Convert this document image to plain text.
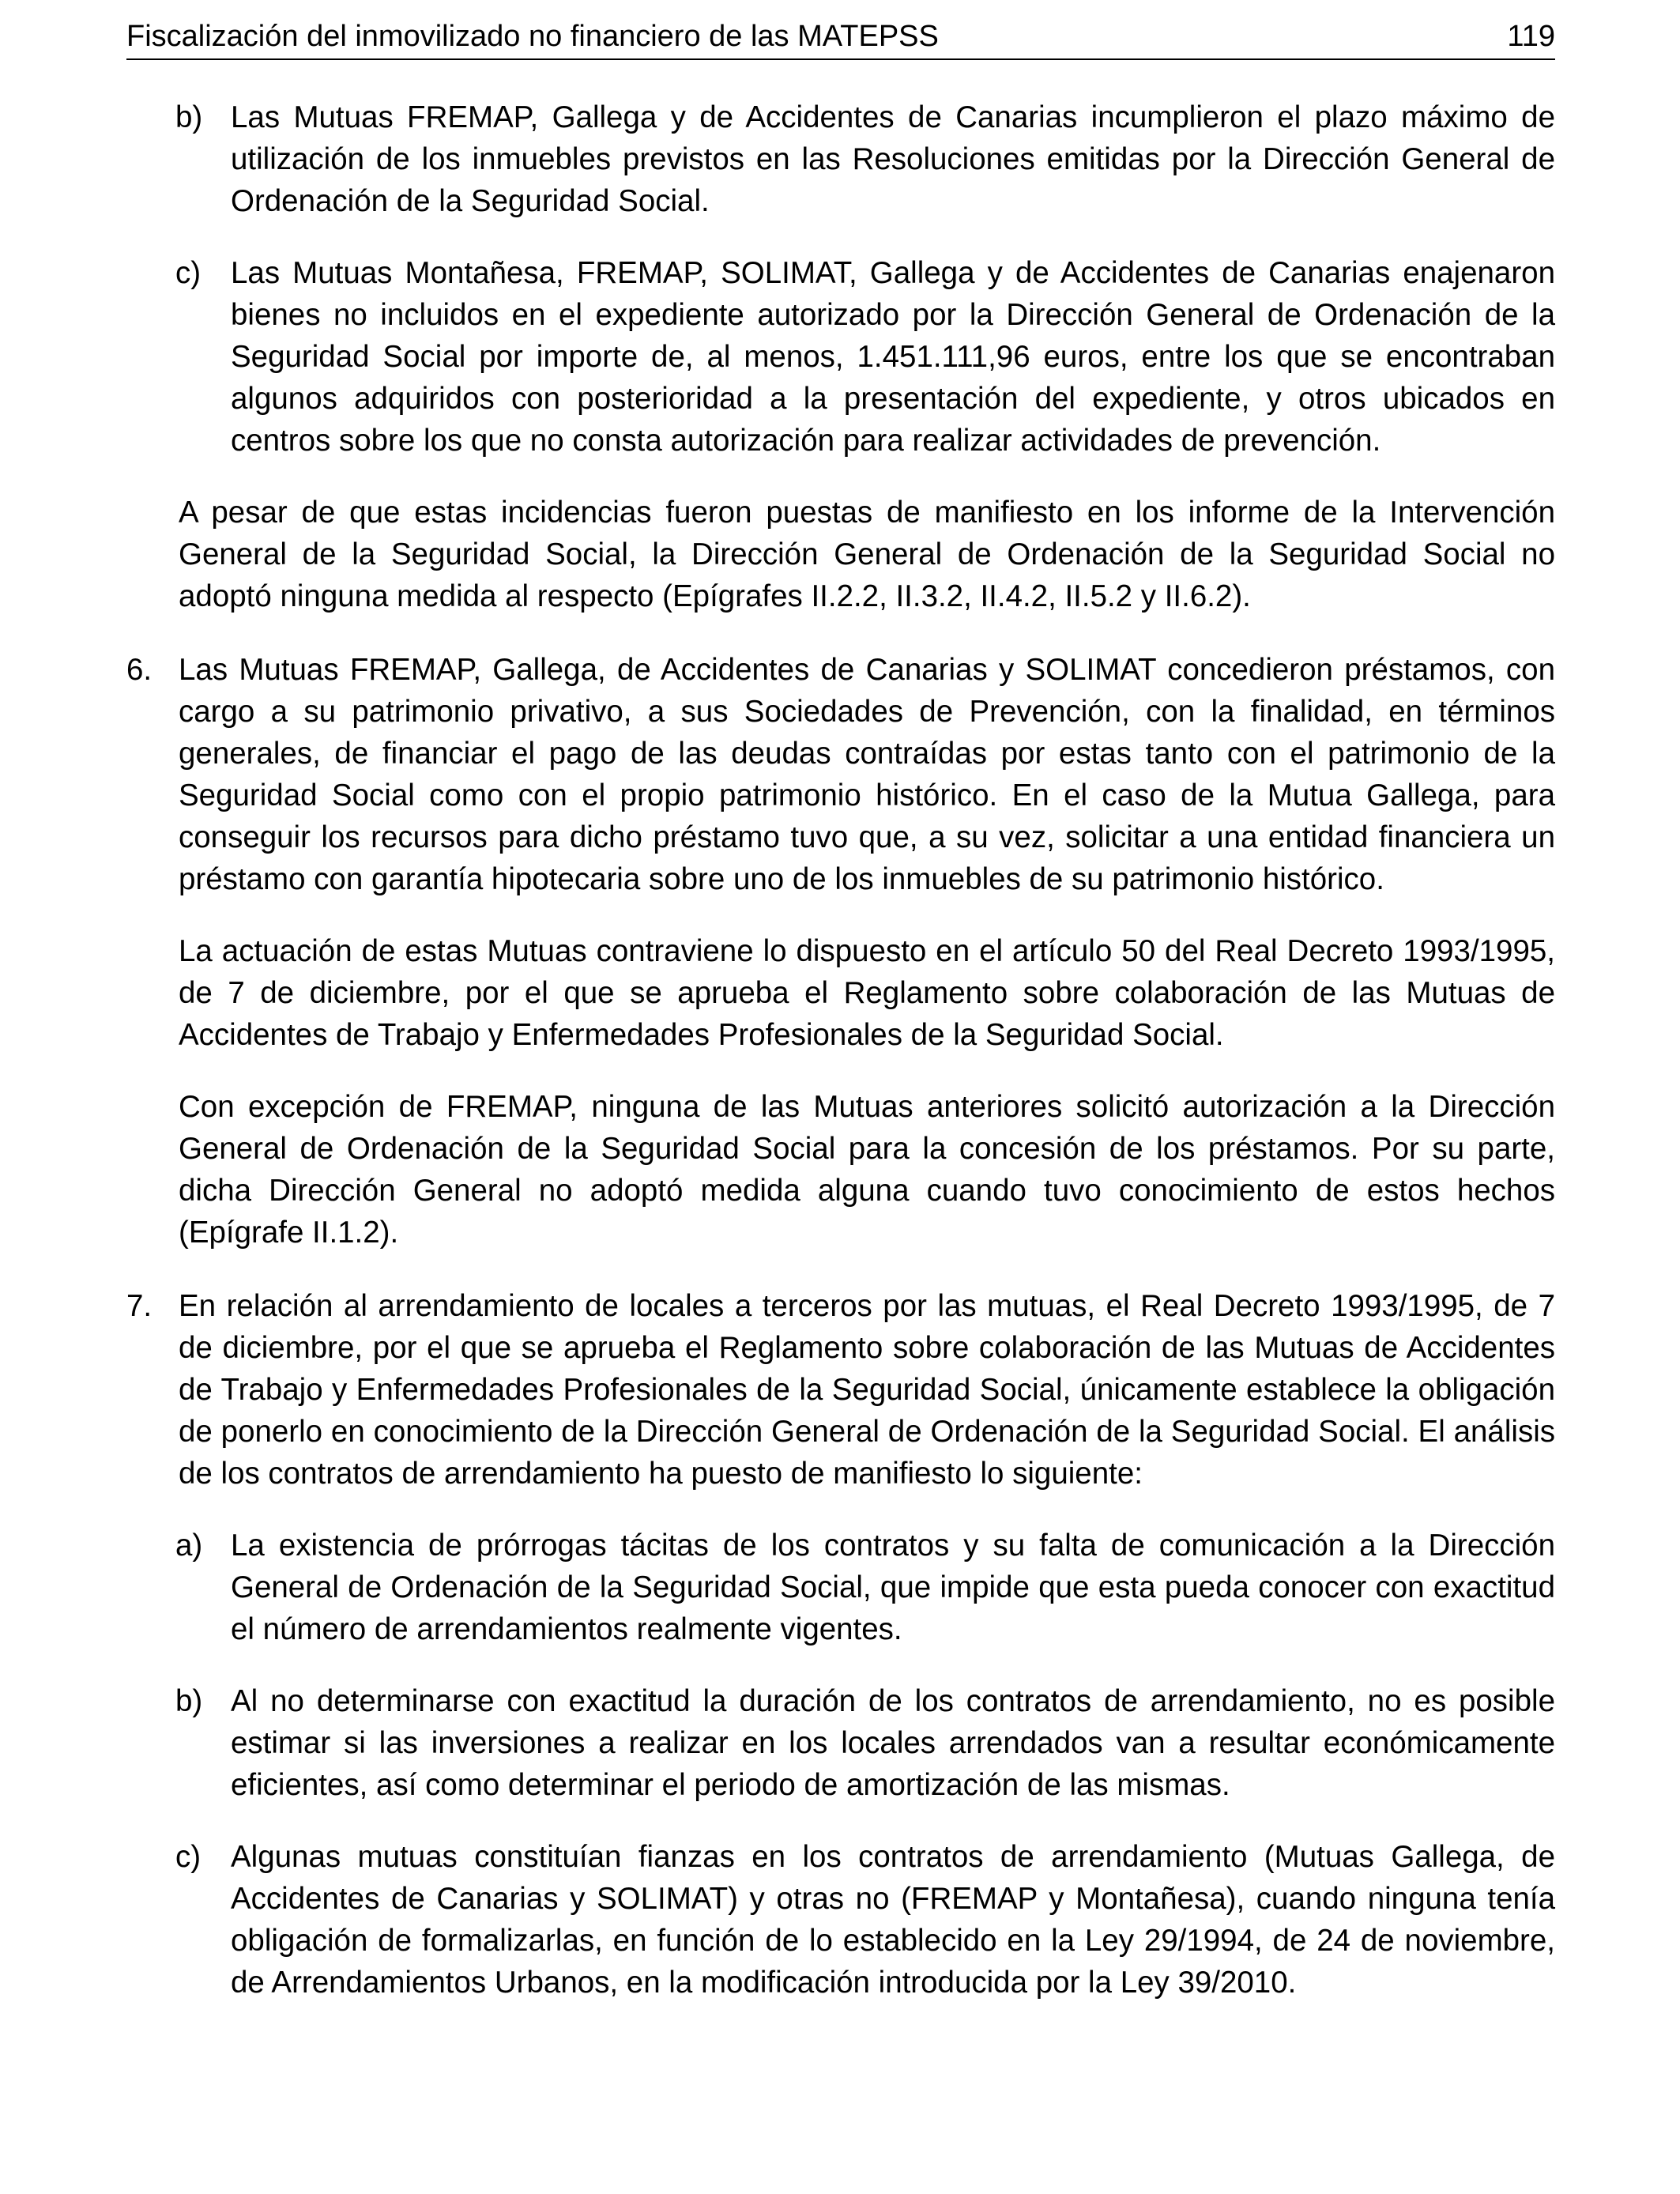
Fiscalización del inmovilizado no financiero de las MATEPSS	119
b) Las Mutuas FREMAP, Gallega y de Accidentes de Canarias incumplieron el plazo máximo de utilización de los inmuebles previstos en las Resoluciones emitidas por la Dirección General de Ordenación de la Seguridad Social.

c) Las Mutuas Montañesa, FREMAP, SOLIMAT, Gallega y de Accidentes de Canarias enajenaron bienes no incluidos en el expediente autorizado por la Dirección General de Ordenación de la Seguridad Social por importe de, al menos, 1.451.111,96 euros, entre los que se encontraban algunos adquiridos con posterioridad a la presentación del expediente, y otros ubicados en centros sobre los que no consta autorización para realizar actividades de prevención.

A pesar de que estas incidencias fueron puestas de manifiesto en los informe de la Intervención General de la Seguridad Social, la Dirección General de Ordenación de la Seguridad Social no adoptó ninguna medida al respecto (Epígrafes II.2.2, II.3.2, II.4.2, II.5.2 y II.6.2).

6. Las Mutuas FREMAP, Gallega, de Accidentes de Canarias y SOLIMAT concedieron préstamos, con cargo a su patrimonio privativo, a sus Sociedades de Prevención, con la finalidad, en términos generales, de financiar el pago de las deudas contraídas por estas tanto con el patrimonio de la Seguridad Social como con el propio patrimonio histórico. En el caso de la Mutua Gallega, para conseguir los recursos para dicho préstamo tuvo que, a su vez, solicitar a una entidad financiera un préstamo con garantía hipotecaria sobre uno de los inmuebles de su patrimonio histórico.

La actuación de estas Mutuas contraviene lo dispuesto en el artículo 50 del Real Decreto 1993/1995, de 7 de diciembre, por el que se aprueba el Reglamento sobre colaboración de las Mutuas de Accidentes de Trabajo y Enfermedades Profesionales de la Seguridad Social.

Con excepción de FREMAP, ninguna de las Mutuas anteriores solicitó autorización a la Dirección General de Ordenación de la Seguridad Social para la concesión de los préstamos. Por su parte, dicha Dirección General no adoptó medida alguna cuando tuvo conocimiento de estos hechos (Epígrafe II.1.2).

7. En relación al arrendamiento de locales a terceros por las mutuas, el Real Decreto 1993/1995, de 7 de diciembre, por el que se aprueba el Reglamento sobre colaboración de las Mutuas de Accidentes de Trabajo y Enfermedades Profesionales de la Seguridad Social, únicamente establece la obligación de ponerlo en conocimiento de la Dirección General de Ordenación de la Seguridad Social. El análisis de los contratos de arrendamiento ha puesto de manifiesto lo siguiente:

a) La existencia de prórrogas tácitas de los contratos y su falta de comunicación a la Dirección General de Ordenación de la Seguridad Social, que impide que esta pueda conocer con exactitud el número de arrendamientos realmente vigentes.

b) Al no determinarse con exactitud la duración de los contratos de arrendamiento, no es posible estimar si las inversiones a realizar en los locales arrendados van a resultar económicamente eficientes, así como determinar el periodo de amortización de las mismas.

c) Algunas mutuas constituían fianzas en los contratos de arrendamiento (Mutuas Gallega, de Accidentes de Canarias y SOLIMAT) y otras no (FREMAP y Montañesa), cuando ninguna tenía obligación de formalizarlas, en función de lo establecido en la Ley 29/1994, de 24 de noviembre, de Arrendamientos Urbanos, en la modificación introducida por la Ley 39/2010.
